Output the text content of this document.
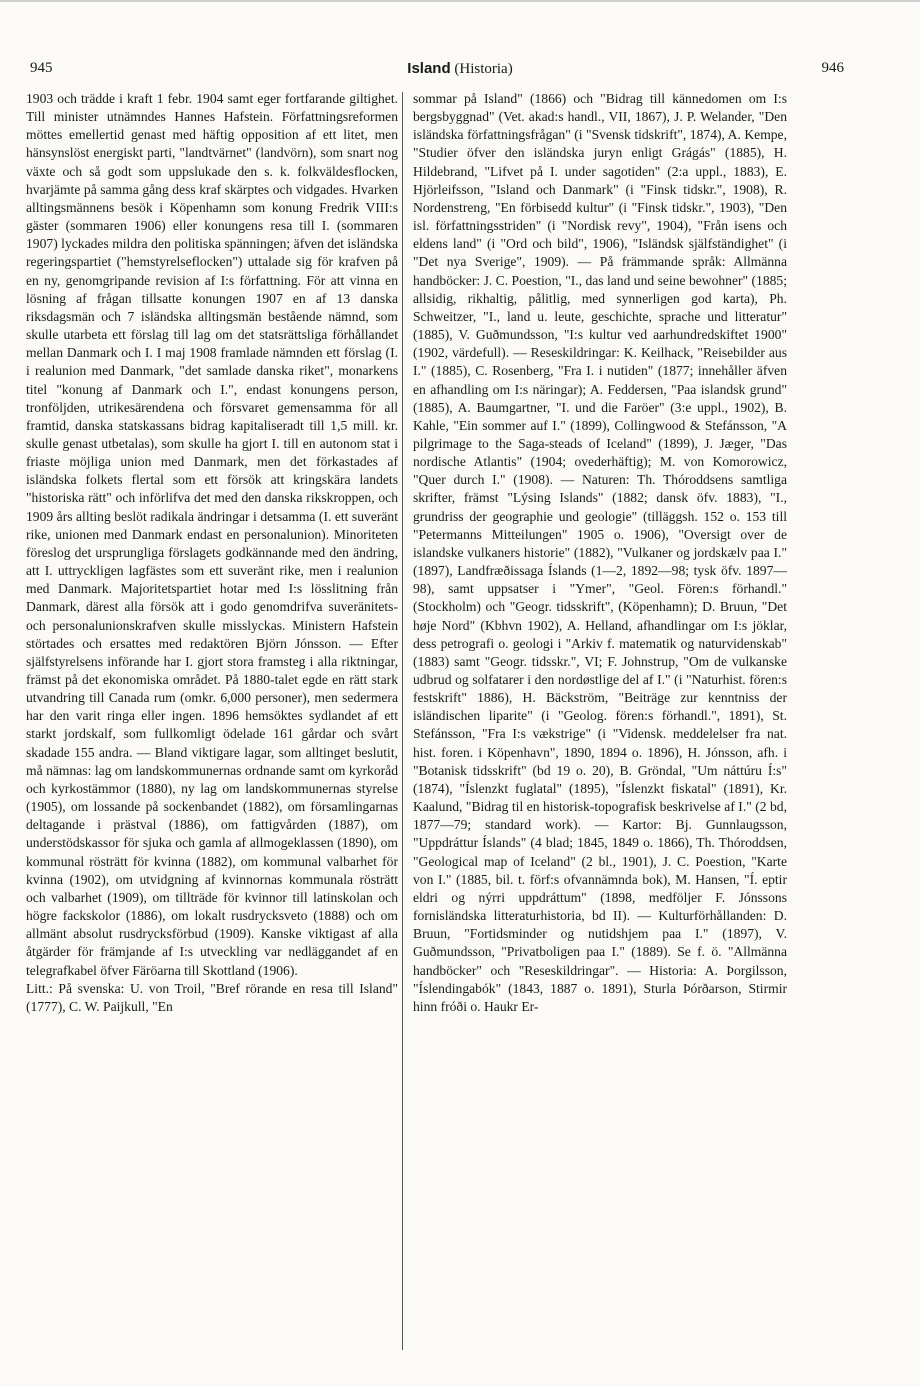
945	Island (Historia)	946

1903 och trädde i kraft 1 febr. 1904 samt eger fortfarande giltighet. Till minister utnämndes Hannes Hafstein. Författningsreformen möttes emellertid genast med häftig opposition af ett litet, men hänsynslöst energiskt parti, "landtvärnet" (landvörn), som snart nog växte och så godt som uppslukade den s. k. folkväldesflocken, hvarjämte på samma gång dess kraf skärptes och vidgades. Hvarken alltingsmännens besök i Köpenhamn som konung Fredrik VIII:s gäster (sommaren 1906) eller konungens resa till I. (sommaren 1907) lyckades mildra den politiska spänningen; äfven det isländska regeringspartiet ("hemstyrelseflocken") uttalade sig för krafven på en ny, genomgripande revision af I:s författning. För att vinna en lösning af frågan tillsatte konungen 1907 en af 13 danska riksdagsmän och 7 isländska alltingsmän bestående nämnd, som skulle utarbeta ett förslag till lag om det statsrättsliga förhållandet mellan Danmark och I. I maj 1908 framlade nämnden ett förslag (I. i realunion med Danmark, "det samlade danska riket", monarkens titel "konung af Danmark och I.", endast konungens person, tronföljden, utrikesärendena och försvaret gemensamma för all framtid, danska statskassans bidrag kapitaliseradt till 1,5 mill. kr. skulle genast utbetalas), som skulle ha gjort I. till en autonom stat i friaste möjliga union med Danmark, men det förkastades af isländska folkets flertal som ett försök att kringskära landets "historiska rätt" och införlifva det med den danska rikskroppen, och 1909 års allting beslöt radikala ändringar i detsamma (I. ett suveränt rike, unionen med Danmark endast en personalunion). Minoriteten föreslog det ursprungliga förslagets godkännande med den ändring, att I. uttryckligen lagfästes som ett suveränt rike, men i realunion med Danmark. Majoritetspartiet hotar med I:s lösslitning från Danmark, därest alla försök att i godo genomdrifva suveränitets- och personalunionskrafven skulle misslyckas. Ministern Hafstein störtades och ersattes med redaktören Björn Jónsson. — Efter själfstyrelsens införande har I. gjort stora framsteg i alla riktningar, främst på det ekonomiska området. På 1880-talet egde en rätt stark utvandring till Canada rum (omkr. 6,000 personer), men sedermera har den varit ringa eller ingen. 1896 hemsöktes sydlandet af ett starkt jordskalf, som fullkomligt ödelade 161 gårdar och svårt skadade 155 andra. — Bland viktigare lagar, som alltinget beslutit, må nämnas: lag om landskommunernas ordnande samt om kyrkoråd och kyrkostämmor (1880), ny lag om landskommunernas styrelse (1905), om lossande på sockenbandet (1882), om församlingarnas deltagande i prästval (1886), om fattigvården (1887), om understödskassor för sjuka och gamla af allmogeklassen (1890), om kommunal rösträtt för kvinna (1882), om kommunal valbarhet för kvinna (1902), om utvidgning af kvinnornas kommunala rösträtt och valbarhet (1909), om tillträde för kvinnor till latinskolan och högre fackskolor (1886), om lokalt rusdrycksveto (1888) och om allmänt absolut rusdrycksförbud (1909). Kanske viktigast af alla åtgärder för främjande af I:s utveckling var nedläggandet af en telegrafkabel öfver Färöarna till Skottland (1906).

Litt.: På svenska: U. von Troil, "Bref rörande en resa till Island" (1777), C. W. Paijkull, "En

sommar på Island" (1866) och "Bidrag till kännedomen om I:s bergsbyggnad" (Vet. akad:s handl., VII, 1867), J. P. Welander, "Den isländska författningsfrågan" (i "Svensk tidskrift", 1874), A. Kempe, "Studier öfver den isländska juryn enligt Grágás" (1885), H. Hildebrand, "Lifvet på I. under sagotiden" (2:a uppl., 1883), E. Hjörleifsson, "Island och Danmark" (i "Finsk tidskr.", 1908), R. Nordenstreng, "En förbisedd kultur" (i "Finsk tidskr.", 1903), "Den isl. författningsstriden" (i "Nordisk revy", 1904), "Från isens och eldens land" (i "Ord och bild", 1906), "Isländsk själfständighet" (i "Det nya Sverige", 1909). — På främmande språk: Allmänna handböcker: J. C. Poestion, "I., das land und seine bewohner" (1885; allsidig, rikhaltig, pålitlig, med synnerligen god karta), Ph. Schweitzer, "I., land u. leute, geschichte, sprache und litteratur" (1885), V. Guðmundsson, "I:s kultur ved aarhundredskiftet 1900" (1902, värdefull). — Reseskildringar: K. Keilhack, "Reisebilder aus I." (1885), C. Rosenberg, "Fra I. i nutiden" (1877; innehåller äfven en afhandling om I:s näringar); A. Feddersen, "Paa islandsk grund" (1885), A. Baumgartner, "I. und die Faröer" (3:e uppl., 1902), B. Kahle, "Ein sommer auf I." (1899), Collingwood & Stefánsson, "A pilgrimage to the Saga-steads of Iceland" (1899), J. Jæger, "Das nordische Atlantis" (1904; ovederhäftig); M. von Komorowicz, "Quer durch I." (1908). — Naturen: Th. Thóroddsens samtliga skrifter, främst "Lýsing Islands" (1882; dansk öfv. 1883), "I., grundriss der geographie und geologie" (tilläggsh. 152 o. 153 till "Petermanns Mitteilungen" 1905 o. 1906), "Oversigt over de islandske vulkaners historie" (1882), "Vulkaner og jordskælv paa I." (1897), Landfræðissaga Íslands (1—2, 1892—98; tysk öfv. 1897—98), samt uppsatser i "Ymer", "Geol. Fören:s förhandl." (Stockholm) och "Geogr. tidsskrift", (Köpenhamn); D. Bruun, "Det høje Nord" (Kbhvn 1902), A. Helland, afhandlingar om I:s jöklar, dess petrografi o. geologi i "Arkiv f. matematik og naturvidenskab" (1883) samt "Geogr. tidsskr.", VI; F. Johnstrup, "Om de vulkanske udbrud og solfatarer i den nordøstlige del af I." (i "Naturhist. fören:s festskrift" 1886), H. Bäckström, "Beiträge zur kenntniss der isländischen liparite" (i "Geolog. fören:s förhandl.", 1891), St. Stefánsson, "Fra I:s vækstrige" (i "Vidensk. meddelelser fra nat. hist. foren. i Köpenhavn", 1890, 1894 o. 1896), H. Jónsson, afh. i "Botanisk tidsskrift" (bd 19 o. 20), B. Gröndal, "Um náttúru Í:s" (1874), "Íslenzkt fuglatal" (1895), "Íslenzkt fiskatal" (1891), Kr. Kaalund, "Bidrag til en historisk-topografisk beskrivelse af I." (2 bd, 1877—79; standard work). — Kartor: Bj. Gunnlaugsson, "Uppdráttur Íslands" (4 blad; 1845, 1849 o. 1866), Th. Thóroddsen, "Geological map of Iceland" (2 bl., 1901), J. C. Poestion, "Karte von I." (1885, bil. t. förf:s ofvannämnda bok), M. Hansen, "Í. eptir eldri og nýrri uppdráttum" (1898, medföljer F. Jónssons fornisländska litteraturhistoria, bd II). — Kulturförhållanden: D. Bruun, "Fortidsminder og nutidshjem paa I." (1897), V. Guðmundsson, "Privatboligen paa I." (1889). Se f. ö. "Allmänna handböcker" och "Reseskildringar". — Historia: A. Þorgilsson, "Íslendingabók" (1843, 1887 o. 1891), Sturla Þórðarson, Stirmir hinn fróði o. Haukr Er-
